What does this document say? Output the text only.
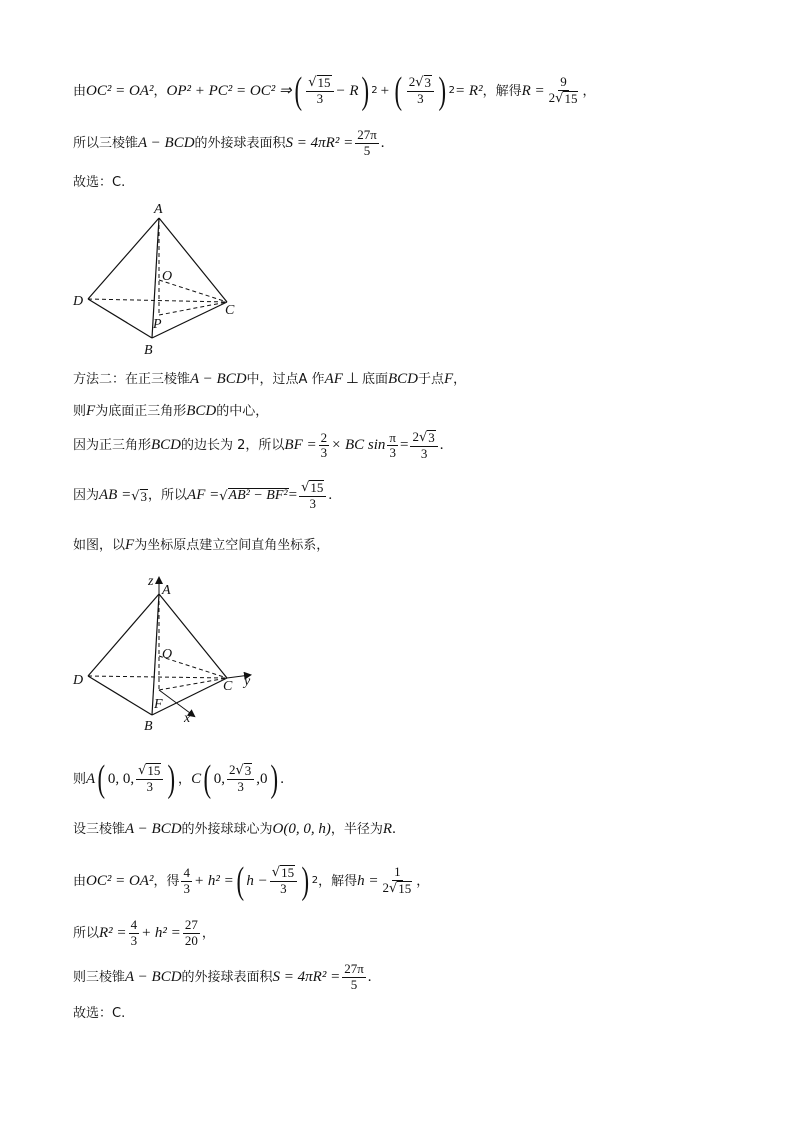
由 OC² = OA² ， OP² + PC² = OC² ⇒ ( $\frac{√ 15}{3} - R$ ) 2 + ( $\frac{2 √ 3}{3}$ ) 2 = R² ，解得 $R = \frac{9}{2 √ 15}$ ，
所以三棱锥 A − BCD 的外接球表面积 $S = 4\pi R^2 = \frac{27\pi}{5}$ .
故选：C.
A
O
D
C
P
B
方法二：在正三棱锥 A − BCD 中，过点A 作 AF ⊥ 底面 BCD 于点 F ，
则 F 为底面正三角形 BCD 的中心，
因为正三角形 BCD 的边长为 2，所以 BF = $\frac{2}{3}$ × BC $\sin \frac{\pi}{3} = \frac{2 √ 3}{3}$ .
因为 AB = √ 3 ，所以 AF = √ $AB^2 - BF^2 = \frac{√ 15}{3}$ .
如图，以 F 为坐标原点建立空间直角坐标系，
z
A
O
D	C y
F
B
x
则 A ( 0, 0, $\frac{√ 15}{3}$ ) ， C ( 0, $\frac{2 √ 3}{3} ,0$ ) .
设三棱锥 A − BCD 的外接球球心为 O(0, 0, h) ，半径为 R .
由 OC² = OA² ，得 $\frac{4}{3} + h^2$ = ( $h - \frac{√ 15}{3}$ ) 2 ，解得 $h = \frac{1}{2 √ 15}$ ，
所以 $R^2 = \frac{4}{3} + h^2 = \frac{27}{20}$ ，
则三棱锥 A − BCD 的外接球表面积 $S = 4\pi R^2 = \frac{27\pi}{5}$ .
故选：C.
